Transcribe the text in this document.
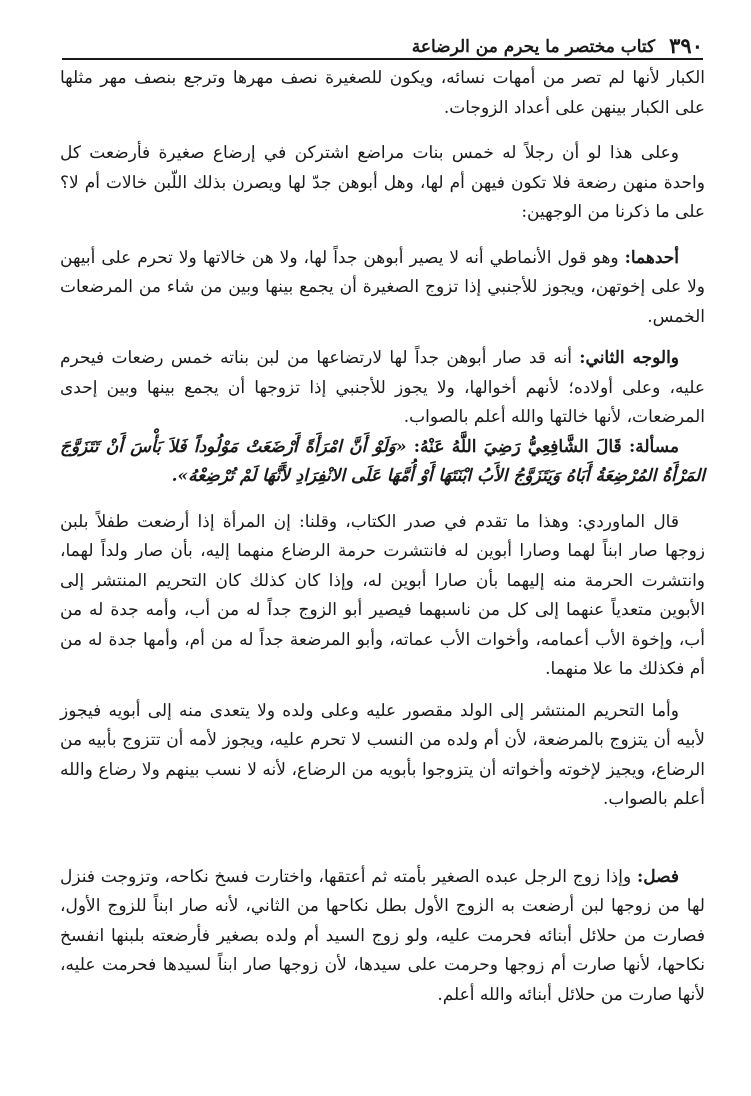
٣٩٠
كتاب مختصر ما يحرم من الرضاعة

الكبار لأنها لم تصر من أمهات نسائه، ويكون للصغيرة نصف مهرها وترجع بنصف مهر مثلها على الكبار بينهن على أعداد الزوجات.

وعلى هذا لو أن رجلاً له خمس بنات مراضع اشتركن في إرضاع صغيرة فأرضعت كل واحدة منهن رضعة فلا تكون فيهن أم لها، وهل أبوهن جدّ لها ويصرن بذلك اللّبن خالات أم لا؟ على ما ذكرنا من الوجهين:

أحدهما: وهو قول الأنماطي أنه لا يصير أبوهن جداً لها، ولا هن خالاتها ولا تحرم على أبيهن ولا على إخوتهن، ويجوز للأجنبي إذا تزوج الصغيرة أن يجمع بينها وبين من شاء من المرضعات الخمس.

والوجه الثاني: أنه قد صار أبوهن جداً لها لارتضاعها من لبن بناته خمس رضعات فيحرم عليه، وعلى أولاده؛ لأنهم أخوالها، ولا يجوز للأجنبي إذا تزوجها أن يجمع بينها وبين إحدى المرضعات، لأنها خالتها والله أعلم بالصواب.

مسألة: قَالَ الشَّافِعِيُّ رَضِيَ اللَّهُ عَنْهُ: «وَلَوْ أَنَّ امْرَأَةً أَرْضَعَتْ مَوْلُوداً فَلاَ بَأْسَ أَنْ تَتَزَوَّجَ المَرْأَةُ المُرْضِعَةُ أَبَاهُ وَيَتَزَوَّجُ الأَبُ ابْنَتَهَا أَوْ أُمَّهَا عَلَى الانْفِرَادِ لأَنَّهَا لَمْ تُرْضِعْهُ».

قال الماوردي: وهذا ما تقدم في صدر الكتاب، وقلنا: إن المرأة إذا أرضعت طفلاً بلبن زوجها صار ابناً لهما وصارا أبوين له فانتشرت حرمة الرضاع منهما إليه، بأن صار ولداً لهما، وانتشرت الحرمة منه إليهما بأن صارا أبوين له، وإذا كان كذلك كان التحريم المنتشر إلى الأبوين متعدياً عنهما إلى كل من ناسبهما فيصير أبو الزوج جداً له من أب، وأمه جدة له من أب، وإخوة الأب أعمامه، وأخوات الأب عماته، وأبو المرضعة جداً له من أم، وأمها جدة له من أم فكذلك ما علا منهما.

وأما التحريم المنتشر إلى الولد مقصور عليه وعلى ولده ولا يتعدى منه إلى أبويه فيجوز لأبيه أن يتزوج بالمرضعة، لأن أم ولده من النسب لا تحرم عليه، ويجوز لأمه أن تتزوج بأبيه من الرضاع، ويجيز لإخوته وأخواته أن يتزوجوا بأبويه من الرضاع، لأنه لا نسب بينهم ولا رضاع والله أعلم بالصواب.

فصل: وإذا زوج الرجل عبده الصغير بأمته ثم أعتقها، واختارت فسخ نكاحه، وتزوجت فنزل لها من زوجها لبن أرضعت به الزوج الأول بطل نكاحها من الثاني، لأنه صار ابناً للزوج الأول، فصارت من حلائل أبنائه فحرمت عليه، ولو زوج السيد أم ولده بصغير فأرضعته بلبنها انفسخ نكاحها، لأنها صارت أم زوجها وحرمت على سيدها، لأن زوجها صار ابناً لسيدها فحرمت عليه، لأنها صارت من حلائل أبنائه والله أعلم.
